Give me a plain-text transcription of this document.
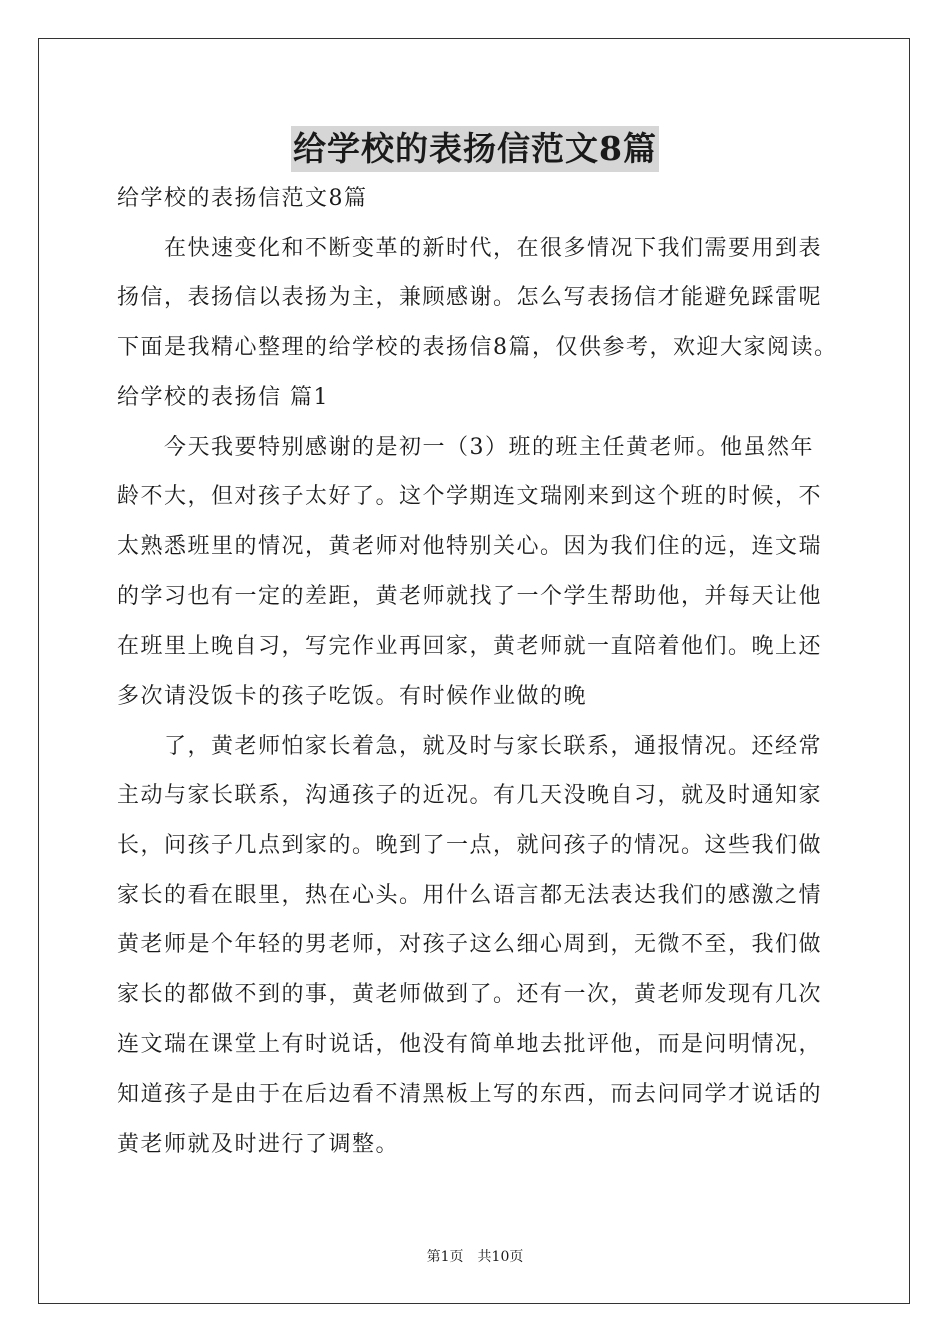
给学校的表扬信范文8篇
给学校的表扬信范文8篇
在快速变化和不断变革的新时代，在很多情况下我们需要用到表
扬信，表扬信以表扬为主，兼顾感谢。怎么写表扬信才能避免踩雷呢
下面是我精心整理的给学校的表扬信8篇，仅供参考，欢迎大家阅读。
给学校的表扬信 篇1
今天我要特别感谢的是初一（3）班的班主任黄老师。他虽然年
龄不大，但对孩子太好了。这个学期连文瑞刚来到这个班的时候，不
太熟悉班里的情况，黄老师对他特别关心。因为我们住的远，连文瑞
的学习也有一定的差距，黄老师就找了一个学生帮助他，并每天让他
在班里上晚自习，写完作业再回家，黄老师就一直陪着他们。晚上还
多次请没饭卡的孩子吃饭。有时候作业做的晚
了，黄老师怕家长着急，就及时与家长联系，通报情况。还经常
主动与家长联系，沟通孩子的近况。有几天没晚自习，就及时通知家
长，问孩子几点到家的。晚到了一点，就问孩子的情况。这些我们做
家长的看在眼里，热在心头。用什么语言都无法表达我们的感激之情
黄老师是个年轻的男老师，对孩子这么细心周到，无微不至，我们做
家长的都做不到的事，黄老师做到了。还有一次，黄老师发现有几次
连文瑞在课堂上有时说话，他没有简单地去批评他，而是问明情况，
知道孩子是由于在后边看不清黑板上写的东西，而去问同学才说话的
黄老师就及时进行了调整。
第1页　共10页
